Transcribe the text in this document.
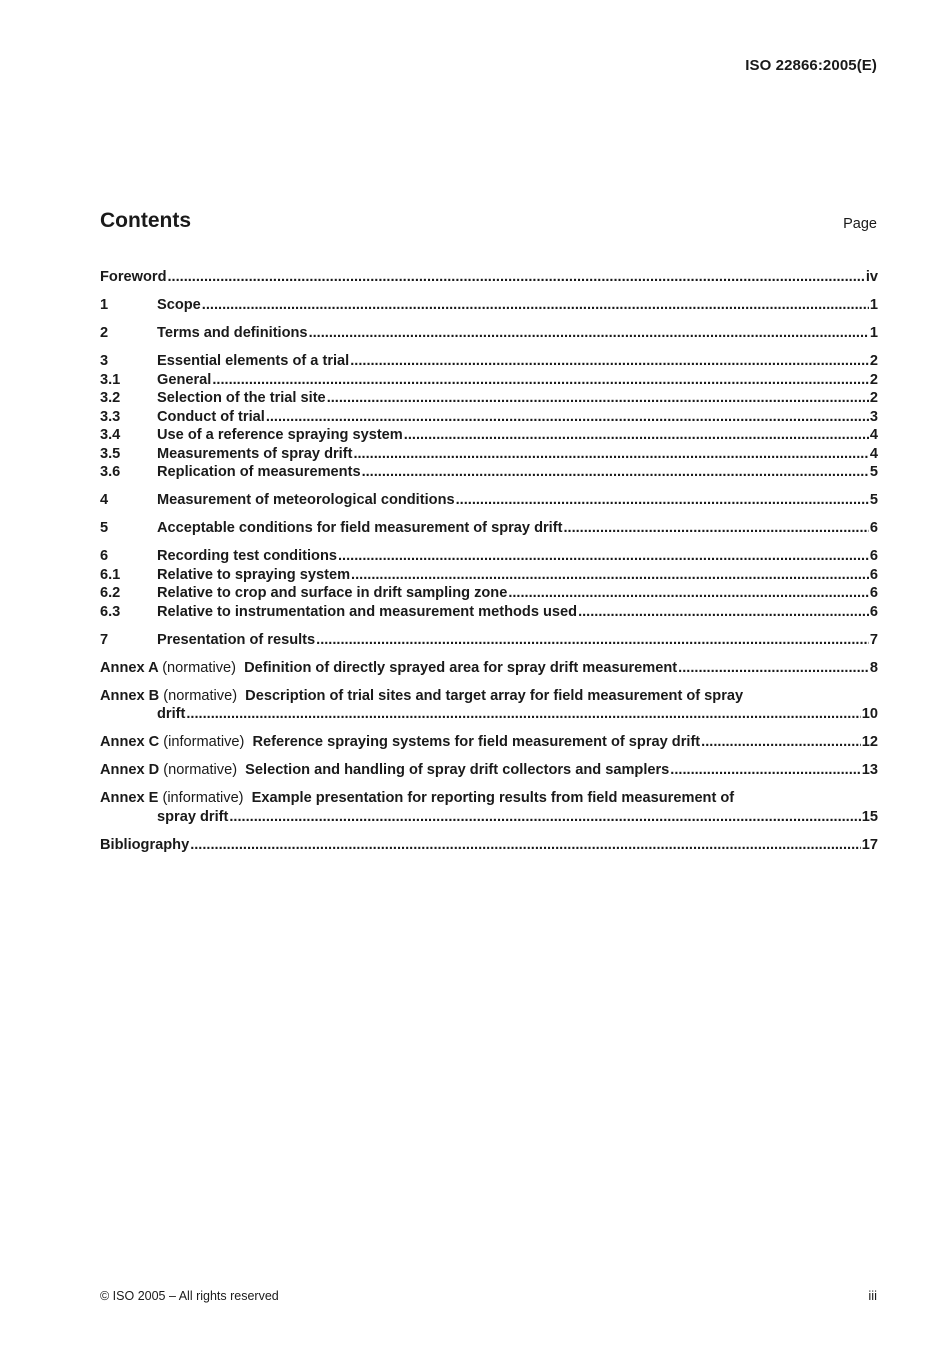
ISO 22866:2005(E)
Contents	Page
Foreword .....	iv
1	Scope .....	1
2	Terms and definitions .....	1
3	Essential elements of a trial .....	2
3.1	General .....	2
3.2	Selection of the trial site .....	2
3.3	Conduct of trial .....	3
3.4	Use of a reference spraying system .....	4
3.5	Measurements of spray drift .....	4
3.6	Replication of measurements .....	5
4	Measurement of meteorological conditions .....	5
5	Acceptable conditions for field measurement of spray drift .....	6
6	Recording test conditions .....	6
6.1	Relative to spraying system .....	6
6.2	Relative to crop and surface in drift sampling zone .....	6
6.3	Relative to instrumentation and measurement methods used .....	6
7	Presentation of results .....	7
Annex A (normative) Definition of directly sprayed area for spray drift measurement .....	8
Annex B (normative) Description of trial sites and target array for field measurement of spray
drift .....	10
Annex C (informative) Reference spraying systems for field measurement of spray drift .....	12
Annex D (normative) Selection and handling of spray drift collectors and samplers .....	13
Annex E (informative) Example presentation for reporting results from field measurement of
spray drift .....	15
Bibliography .....	17
© ISO 2005 – All rights reserved	iii
